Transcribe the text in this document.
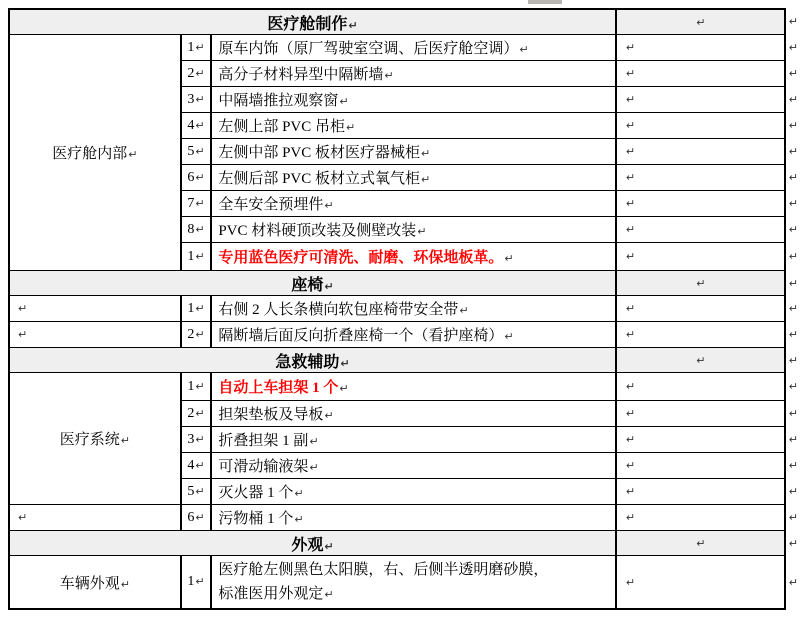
医疗舱制作↵			↵	↵
医疗舱内部↵	1↵	原车内饰（原厂驾驶室空调、后医疗舱空调）↵	↵	↵
	2↵	高分子材料异型中隔断墙↵	↵	↵
	3↵	中隔墙推拉观察窗↵	↵	↵
	4↵	左侧上部 PVC 吊柜↵	↵	↵
	5↵	左侧中部 PVC 板材医疗器械柜↵	↵	↵
	6↵	左侧后部 PVC 板材立式氧气柜↵	↵	↵
	7↵	全车安全预埋件↵	↵	↵
	8↵	PVC 材料硬顶改装及侧壁改装↵	↵	↵
	1↵	专用蓝色医疗可清洗、耐磨、环保地板革。↵	↵	↵
座椅↵			↵	↵
↵	1↵	右侧 2 人长条横向软包座椅带安全带↵	↵	↵
↵	2↵	隔断墙后面反向折叠座椅一个（看护座椅）↵	↵	↵
急救辅助↵			↵	↵
医疗系统↵	1↵	自动上车担架 1 个↵	↵	↵
	2↵	担架垫板及导板↵	↵	↵
	3↵	折叠担架 1 副↵	↵	↵
	4↵	可滑动输液架↵	↵	↵
	5↵	灭火器 1 个↵	↵	↵
↵	6↵	污物桶 1 个↵	↵	↵
外观↵			↵	↵
车辆外观↵	1↵	医疗舱左侧黑色太阳膜，右、后侧半透明磨砂膜，
标准医用外观定↵	↵	↵
